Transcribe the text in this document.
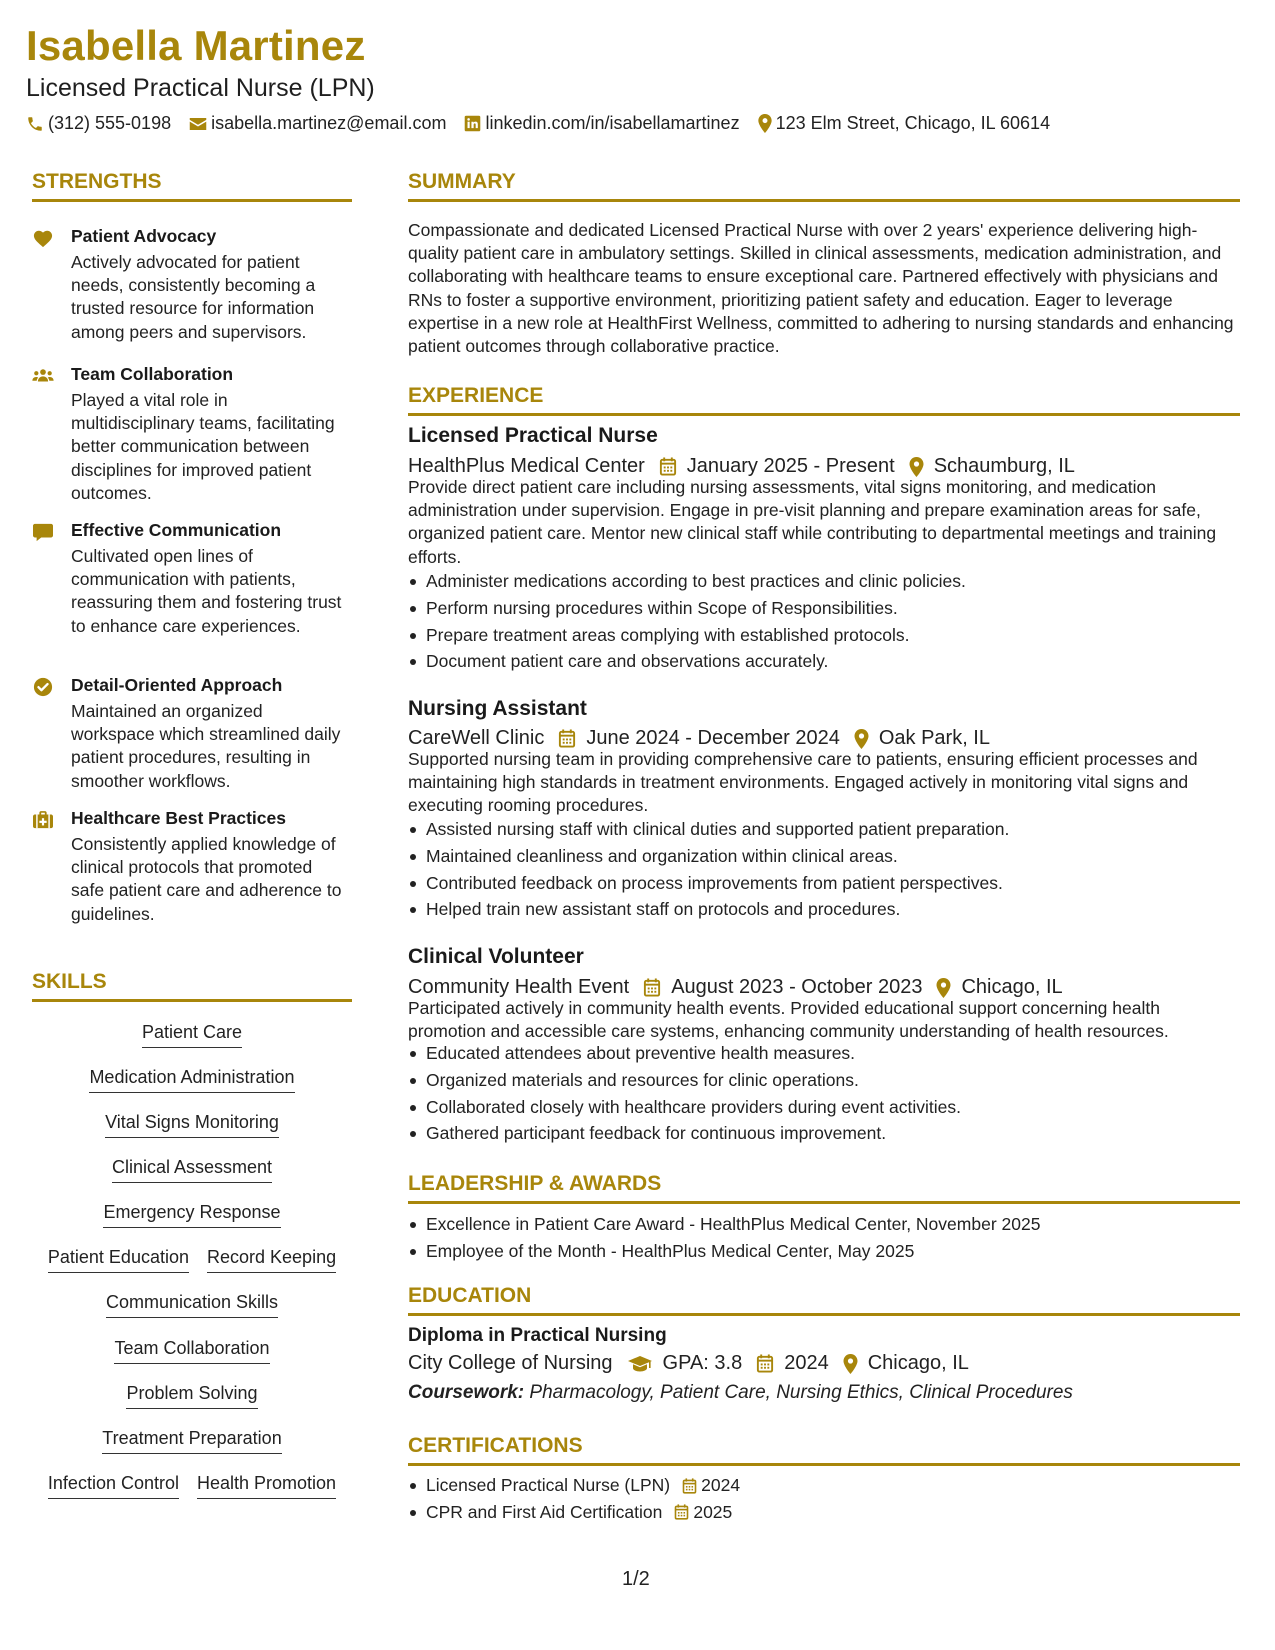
Isabella Martinez
Licensed Practical Nurse (LPN)
(312) 555-0198 isabella.martinez@email.com linkedin.com/in/isabellamartinez 123 Elm Street, Chicago, IL 60614
STRENGTHS
Patient Advocacy
Actively advocated for patient needs, consistently becoming a trusted resource for information among peers and supervisors.
Team Collaboration
Played a vital role in multidisciplinary teams, facilitating better communication between disciplines for improved patient outcomes.
Effective Communication
Cultivated open lines of communication with patients, reassuring them and fostering trust to enhance care experiences.
Detail-Oriented Approach
Maintained an organized workspace which streamlined daily patient procedures, resulting in smoother workflows.
Healthcare Best Practices
Consistently applied knowledge of clinical protocols that promoted safe patient care and adherence to guidelines.
SKILLS
Patient Care
Medication Administration
Vital Signs Monitoring
Clinical Assessment
Emergency Response
Patient Education Record Keeping
Communication Skills
Team Collaboration
Problem Solving
Treatment Preparation
Infection Control Health Promotion
SUMMARY
Compassionate and dedicated Licensed Practical Nurse with over 2 years' experience delivering high-quality patient care in ambulatory settings. Skilled in clinical assessments, medication administration, and collaborating with healthcare teams to ensure exceptional care. Partnered effectively with physicians and RNs to foster a supportive environment, prioritizing patient safety and education. Eager to leverage expertise in a new role at HealthFirst Wellness, committed to adhering to nursing standards and enhancing patient outcomes through collaborative practice.
EXPERIENCE
Licensed Practical Nurse
HealthPlus Medical Center January 2025 - Present Schaumburg, IL
Provide direct patient care including nursing assessments, vital signs monitoring, and medication administration under supervision. Engage in pre-visit planning and prepare examination areas for safe, organized patient care. Mentor new clinical staff while contributing to departmental meetings and training efforts.
Administer medications according to best practices and clinic policies.
Perform nursing procedures within Scope of Responsibilities.
Prepare treatment areas complying with established protocols.
Document patient care and observations accurately.
Nursing Assistant
CareWell Clinic June 2024 - December 2024 Oak Park, IL
Supported nursing team in providing comprehensive care to patients, ensuring efficient processes and maintaining high standards in treatment environments. Engaged actively in monitoring vital signs and executing rooming procedures.
Assisted nursing staff with clinical duties and supported patient preparation.
Maintained cleanliness and organization within clinical areas.
Contributed feedback on process improvements from patient perspectives.
Helped train new assistant staff on protocols and procedures.
Clinical Volunteer
Community Health Event August 2023 - October 2023 Chicago, IL
Participated actively in community health events. Provided educational support concerning health promotion and accessible care systems, enhancing community understanding of health resources.
Educated attendees about preventive health measures.
Organized materials and resources for clinic operations.
Collaborated closely with healthcare providers during event activities.
Gathered participant feedback for continuous improvement.
LEADERSHIP & AWARDS
Excellence in Patient Care Award - HealthPlus Medical Center, November 2025
Employee of the Month - HealthPlus Medical Center, May 2025
EDUCATION
Diploma in Practical Nursing
City College of Nursing	GPA: 3.8 2024 Chicago, IL
Coursework: Pharmacology, Patient Care, Nursing Ethics, Clinical Procedures
CERTIFICATIONS
Licensed Practical Nurse (LPN) 2024
CPR and First Aid Certification 2025
1/2
